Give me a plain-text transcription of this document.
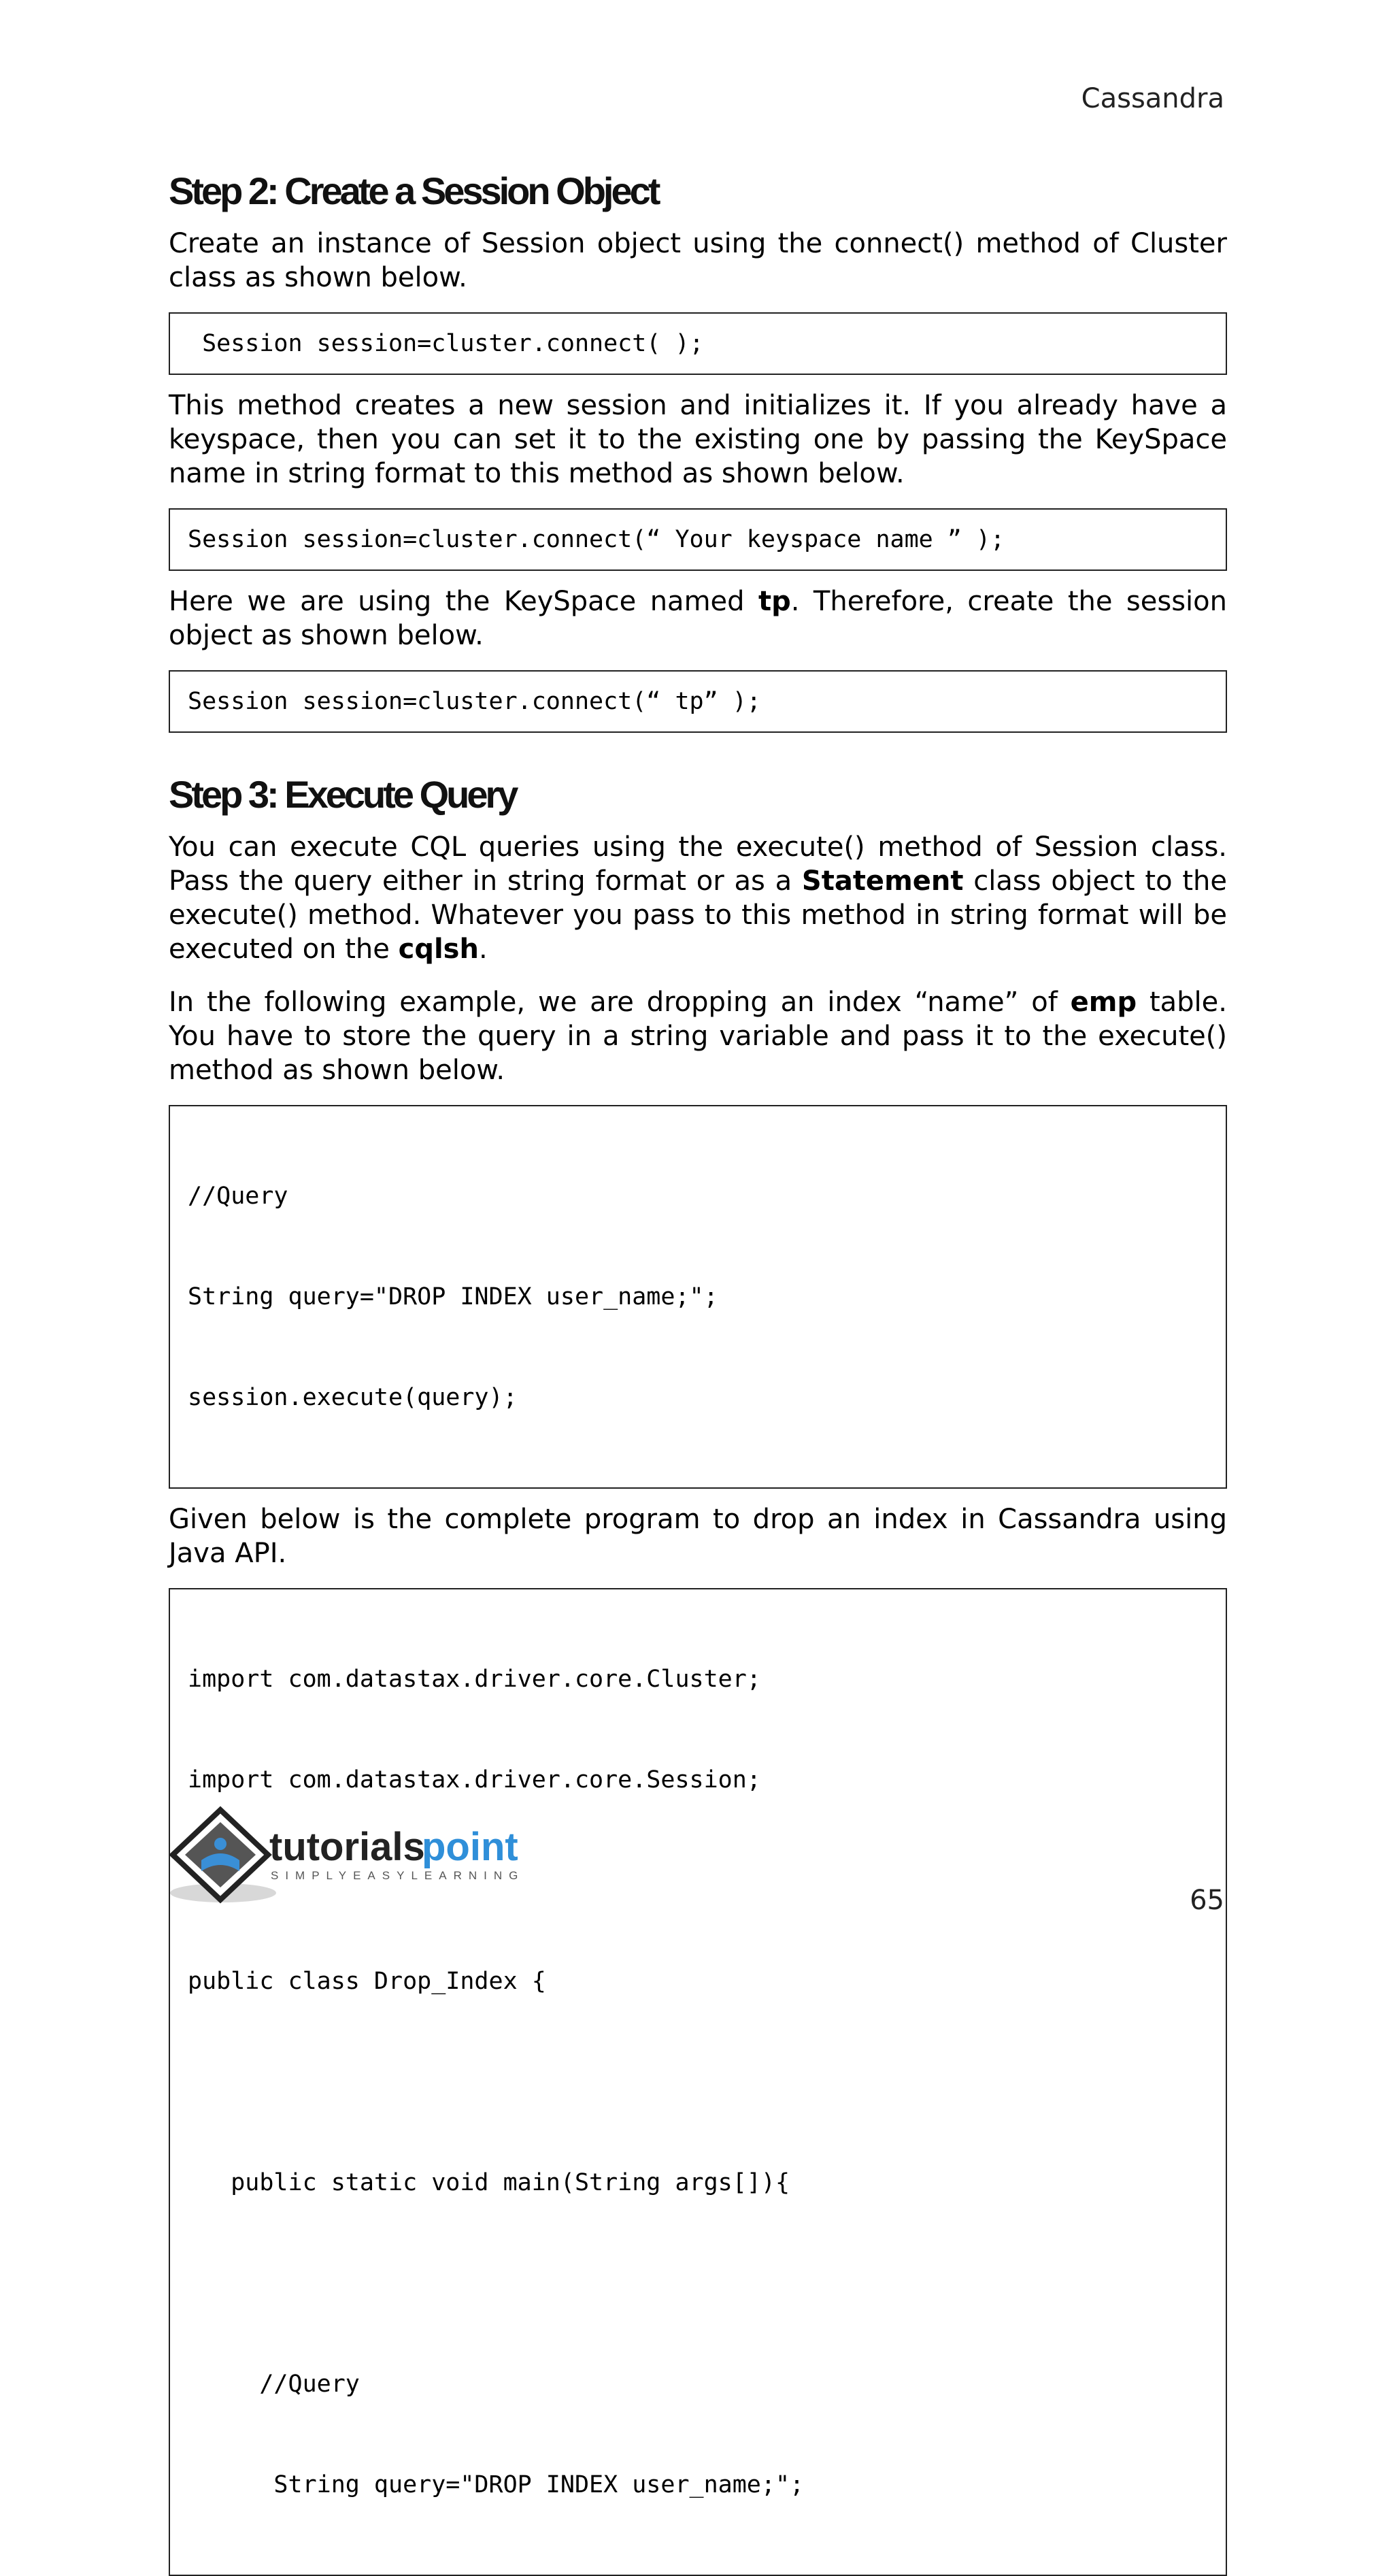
Cassandra
Step 2: Create a Session Object

Create an instance of Session object using the connect() method of Cluster class as shown below.

Session session=cluster.connect( );

This method creates a new session and initializes it. If you already have a keyspace, then you can set it to the existing one by passing the KeySpace name in string format to this method as shown below.

Session session=cluster.connect(“ Your keyspace name ” );

Here we are using the KeySpace named tp. Therefore, create the session object as shown below.

Session session=cluster.connect(“ tp” );
Step 3: Execute Query

You can execute CQL queries using the execute() method of Session class. Pass the query either in string format or as a Statement class object to the execute() method. Whatever you pass to this method in string format will be executed on the cqlsh.

In the following example, we are dropping an index “name” of emp table. You have to store the query in a string variable and pass it to the execute() method as shown below.

//Query

String query="DROP INDEX user_name;";

session.execute(query);

Given below is the complete program to drop an index in Cassandra using Java API.

import com.datastax.driver.core.Cluster;

import com.datastax.driver.core.Session;

public class Drop_Index {

public static void main(String args[]){

//Query

String query="DROP INDEX user_name;";

tutorials
point
SIMPLYEASYLEARNING
65
